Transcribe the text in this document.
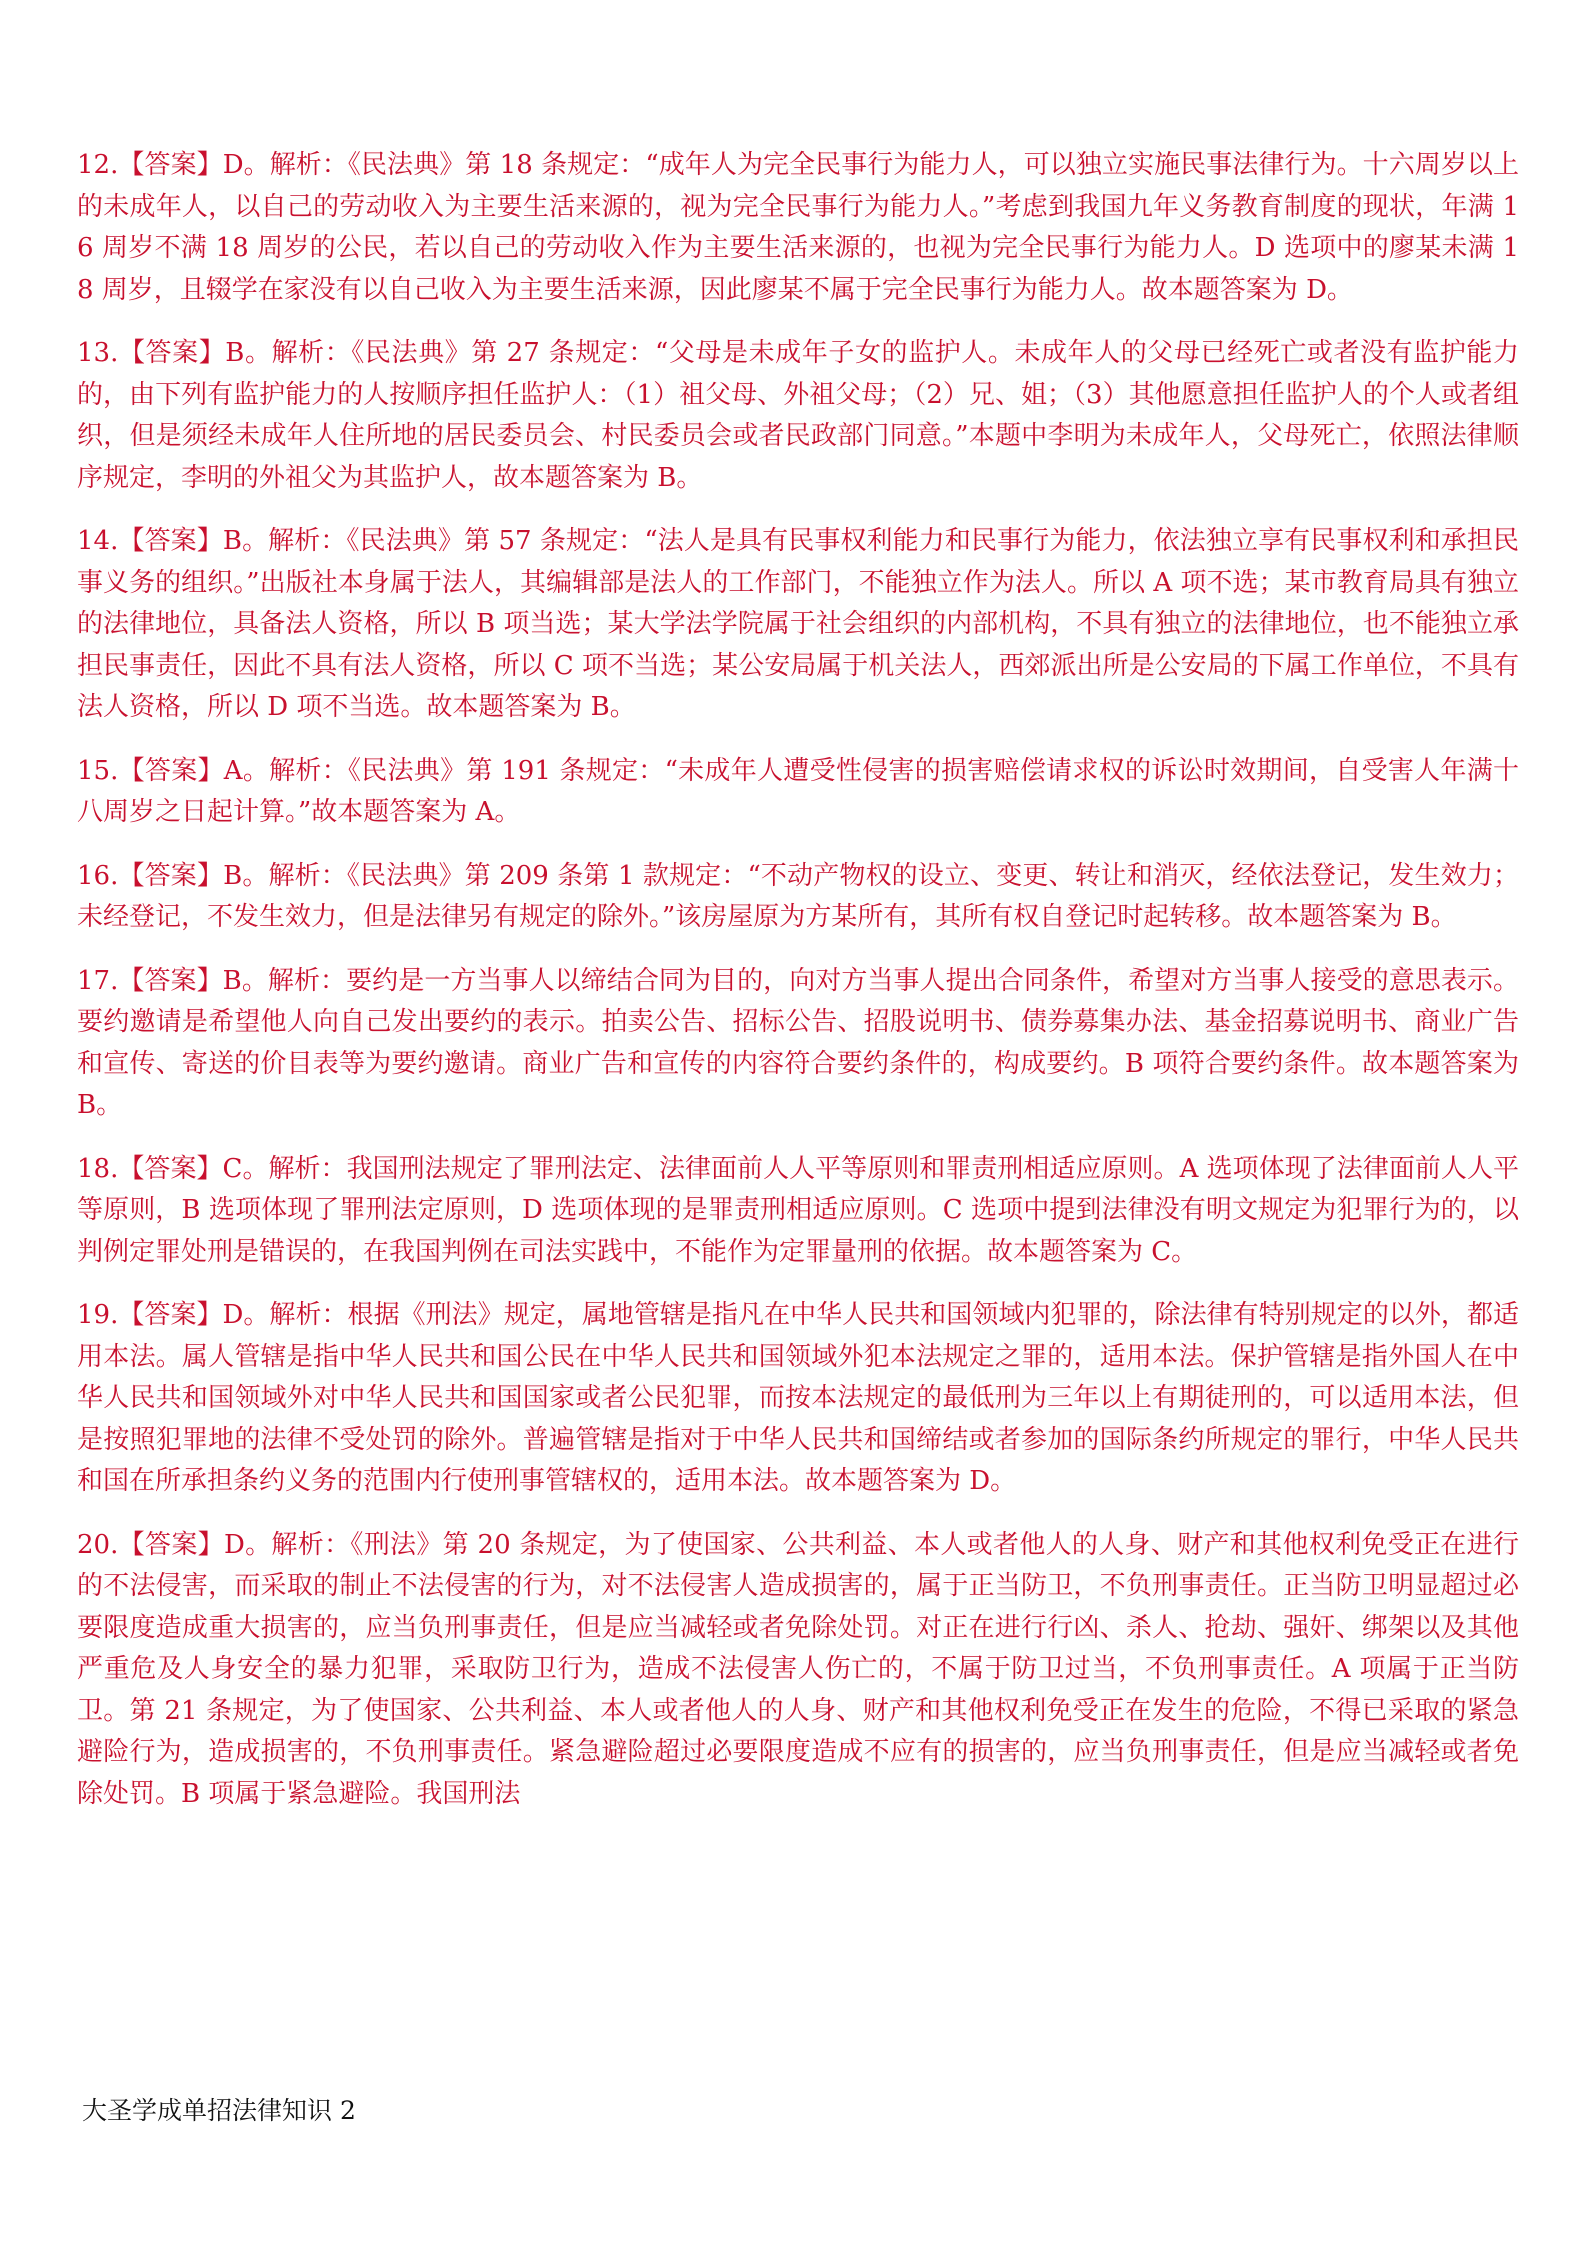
12.【答案】D。解析：《民法典》第 18 条规定：“成年人为完全民事行为能力人，可以独立实施民事法律行为。十六周岁以上的未成年人，以自己的劳动收入为主要生活来源的，视为完全民事行为能力人。”考虑到我国九年义务教育制度的现状，年满 16 周岁不满 18 周岁的公民，若以自己的劳动收入作为主要生活来源的，也视为完全民事行为能力人。D 选项中的廖某未满 18 周岁，且辍学在家没有以自己收入为主要生活来源，因此廖某不属于完全民事行为能力人。故本题答案为 D。

13.【答案】B。解析：《民法典》第 27 条规定：“父母是未成年子女的监护人。未成年人的父母已经死亡或者没有监护能力的，由下列有监护能力的人按顺序担任监护人：（1）祖父母、外祖父母；（2）兄、姐；（3）其他愿意担任监护人的个人或者组织，但是须经未成年人住所地的居民委员会、村民委员会或者民政部门同意。”本题中李明为未成年人，父母死亡，依照法律顺序规定，李明的外祖父为其监护人，故本题答案为 B。

14.【答案】B。解析：《民法典》第 57 条规定：“法人是具有民事权利能力和民事行为能力，依法独立享有民事权利和承担民事义务的组织。”出版社本身属于法人，其编辑部是法人的工作部门，不能独立作为法人。所以 A 项不选；某市教育局具有独立的法律地位，具备法人资格，所以 B 项当选；某大学法学院属于社会组织的内部机构，不具有独立的法律地位，也不能独立承担民事责任，因此不具有法人资格，所以 C 项不当选；某公安局属于机关法人，西郊派出所是公安局的下属工作单位，不具有法人资格，所以 D 项不当选。故本题答案为 B。

15.【答案】A。解析：《民法典》第 191 条规定：“未成年人遭受性侵害的损害赔偿请求权的诉讼时效期间，自受害人年满十八周岁之日起计算。”故本题答案为 A。

16.【答案】B。解析：《民法典》第 209 条第 1 款规定：“不动产物权的设立、变更、转让和消灭，经依法登记，发生效力；未经登记，不发生效力，但是法律另有规定的除外。”该房屋原为方某所有，其所有权自登记时起转移。故本题答案为 B。

17.【答案】B。解析：要约是一方当事人以缔结合同为目的，向对方当事人提出合同条件，希望对方当事人接受的意思表示。要约邀请是希望他人向自己发出要约的表示。拍卖公告、招标公告、招股说明书、债券募集办法、基金招募说明书、商业广告和宣传、寄送的价目表等为要约邀请。商业广告和宣传的内容符合要约条件的，构成要约。B 项符合要约条件。故本题答案为 B。

18.【答案】C。解析：我国刑法规定了罪刑法定、法律面前人人平等原则和罪责刑相适应原则。A 选项体现了法律面前人人平等原则，B 选项体现了罪刑法定原则，D 选项体现的是罪责刑相适应原则。C 选项中提到法律没有明文规定为犯罪行为的，以判例定罪处刑是错误的，在我国判例在司法实践中，不能作为定罪量刑的依据。故本题答案为 C。

19.【答案】D。解析：根据《刑法》规定，属地管辖是指凡在中华人民共和国领域内犯罪的，除法律有特别规定的以外，都适用本法。属人管辖是指中华人民共和国公民在中华人民共和国领域外犯本法规定之罪的，适用本法。保护管辖是指外国人在中华人民共和国领域外对中华人民共和国国家或者公民犯罪，而按本法规定的最低刑为三年以上有期徒刑的，可以适用本法，但是按照犯罪地的法律不受处罚的除外。普遍管辖是指对于中华人民共和国缔结或者参加的国际条约所规定的罪行，中华人民共和国在所承担条约义务的范围内行使刑事管辖权的，适用本法。故本题答案为 D。

20.【答案】D。解析：《刑法》第 20 条规定，为了使国家、公共利益、本人或者他人的人身、财产和其他权利免受正在进行的不法侵害，而采取的制止不法侵害的行为，对不法侵害人造成损害的，属于正当防卫，不负刑事责任。正当防卫明显超过必要限度造成重大损害的，应当负刑事责任，但是应当减轻或者免除处罚。对正在进行行凶、杀人、抢劫、强奸、绑架以及其他严重危及人身安全的暴力犯罪，采取防卫行为，造成不法侵害人伤亡的，不属于防卫过当，不负刑事责任。A 项属于正当防卫。第 21 条规定，为了使国家、公共利益、本人或者他人的人身、财产和其他权利免受正在发生的危险，不得已采取的紧急避险行为，造成损害的，不负刑事责任。紧急避险超过必要限度造成不应有的损害的，应当负刑事责任，但是应当减轻或者免除处罚。B 项属于紧急避险。我国刑法

大圣学成单招法律知识 2
